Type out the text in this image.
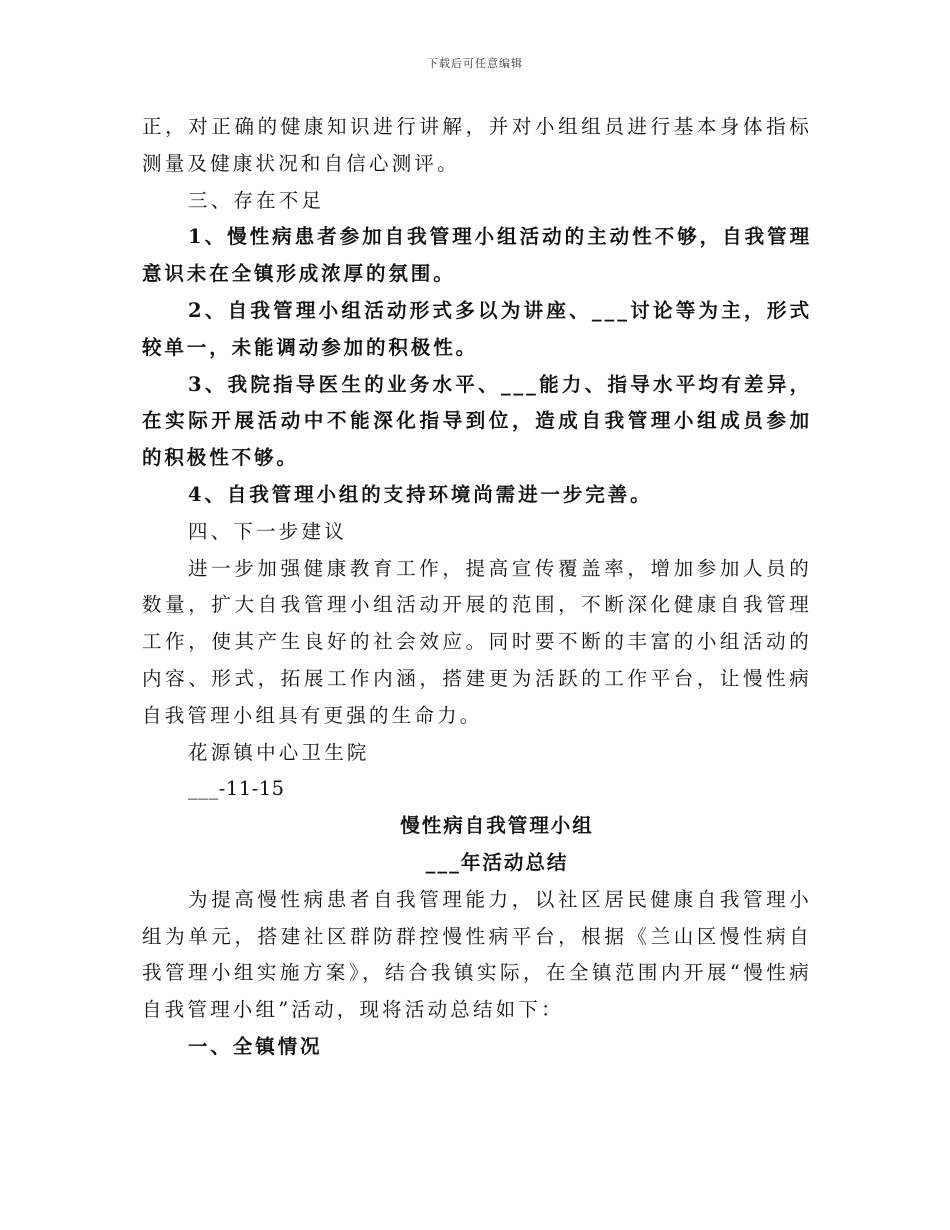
下载后可任意编辑

正，对正确的健康知识进行讲解，并对小组组员进行基本身体指标测量及健康状况和自信心测评。

三、存在不足

1、慢性病患者参加自我管理小组活动的主动性不够，自我管理意识未在全镇形成浓厚的氛围。

2、自我管理小组活动形式多以为讲座、___讨论等为主，形式较单一，未能调动参加的积极性。

3、我院指导医生的业务水平、___能力、指导水平均有差异，在实际开展活动中不能深化指导到位，造成自我管理小组成员参加的积极性不够。

4、自我管理小组的支持环境尚需进一步完善。

四、下一步建议

进一步加强健康教育工作，提高宣传覆盖率，增加参加人员的数量，扩大自我管理小组活动开展的范围，不断深化健康自我管理工作，使其产生良好的社会效应。同时要不断的丰富的小组活动的内容、形式，拓展工作内涵，搭建更为活跃的工作平台，让慢性病自我管理小组具有更强的生命力。

花源镇中心卫生院

___-11-15

慢性病自我管理小组

___年活动总结

为提高慢性病患者自我管理能力，以社区居民健康自我管理小组为单元，搭建社区群防群控慢性病平台，根据《兰山区慢性病自我管理小组实施方案》，结合我镇实际，在全镇范围内开展“慢性病自我管理小组”活动，现将活动总结如下：

一、全镇情况
